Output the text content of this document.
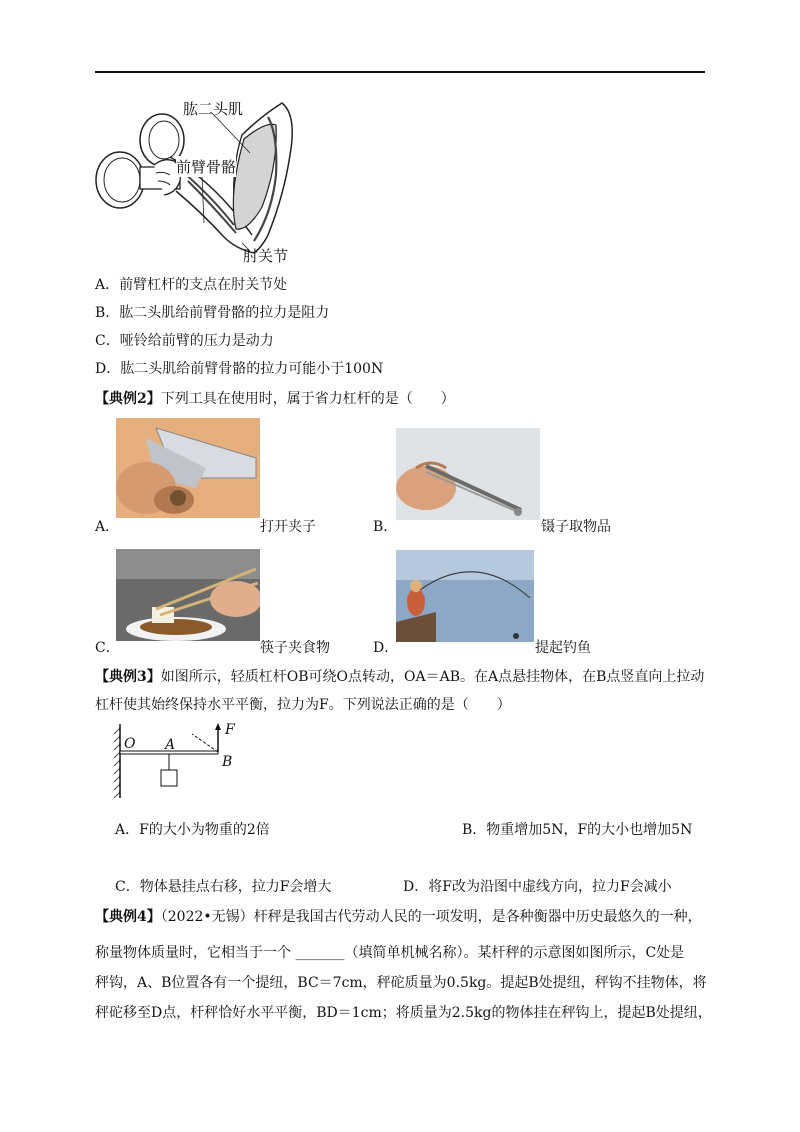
肱二头肌
前臂骨骼
肘关节
A．前臂杠杆的支点在肘关节处
B．肱二头肌给前臂骨骼的拉力是阻力
C．哑铃给前臂的压力是动力
D．肱二头肌给前臂骨骼的拉力可能小于100N
【典例2】下列工具在使用时，属于省力杠杆的是（　　）
A．	打开夹子	B．	镊子取物品
C．	筷子夹食物	D．	提起钓鱼
【典例3】如图所示，轻质杠杆OB可绕O点转动，OA＝AB。在A点悬挂物体，在B点竖直向上拉动
杠杆使其始终保持水平平衡，拉力为F。下列说法正确的是（　　）
O A
B
F
A．F的大小为物重的2倍	B．物重增加5N，F的大小也增加5N
C．物体悬挂点右移，拉力F会增大	D．将F改为沿图中虚线方向，拉力F会减小
【典例4】（2022•无锡）杆秤是我国古代劳动人民的一项发明，是各种衡器中历史最悠久的一种，
称量物体质量时，它相当于一个 _______（填简单机械名称）。某杆秤的示意图如图所示，C处是
秤钩，A、B位置各有一个提纽，BC＝7cm，秤砣质量为0.5kg。提起B处提纽，秤钩不挂物体，将
秤砣移至D点，杆秤恰好水平平衡，BD＝1cm；将质量为2.5kg的物体挂在秤钩上，提起B处提纽，
